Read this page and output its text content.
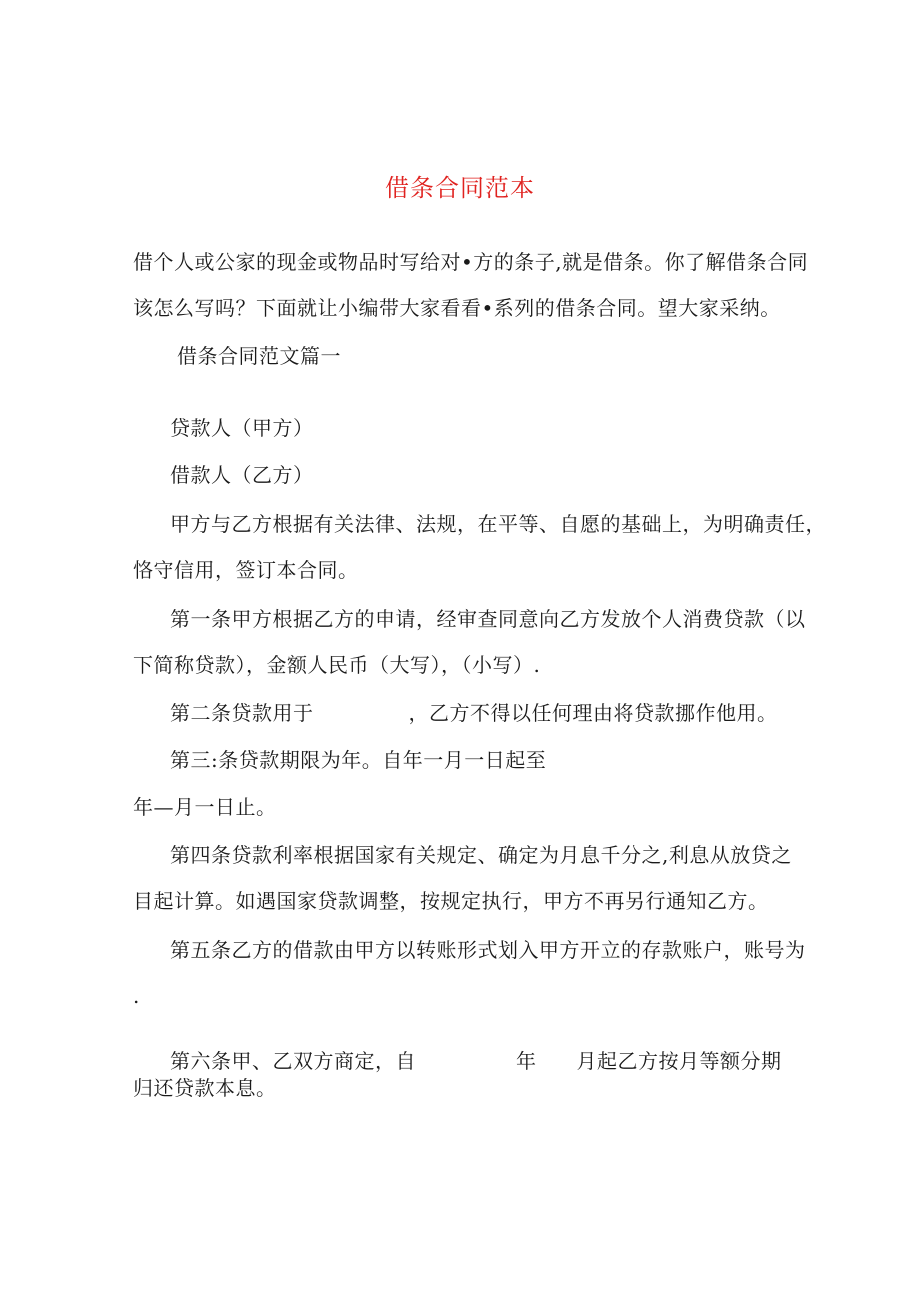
借条合同范本
借个人或公家的现金或物品时写给对•方的条子,就是借条。你了解借条合同
该怎么写吗？下面就让小编带大家看看•系列的借条合同。望大家采纳。
借条合同范文篇一
贷款人（甲方）
借款人（乙方）
甲方与乙方根据有关法律、法规，在平等、自愿的基础上，为明确责任，
恪守信用，签订本合同。
第一条甲方根据乙方的申请，经审查同意向乙方发放个人消费贷款（以
下简称贷款），金额人民币（大写），（小写）.
第二条贷款用于	，乙方不得以任何理由将贷款挪作他用。
第三:条贷款期限为年。自年一月一日起至
年—月一日止。
第四条贷款利率根据国家有关规定、确定为月息千分之,利息从放贷之
目起计算。如遇国家贷款调整，按规定执行，甲方不再另行通知乙方。
第五条乙方的借款由甲方以转账形式划入甲方开立的存款账户，账号为
.
第六条甲、乙双方商定，自	年 月起乙方按月等额分期
归还贷款本息。
